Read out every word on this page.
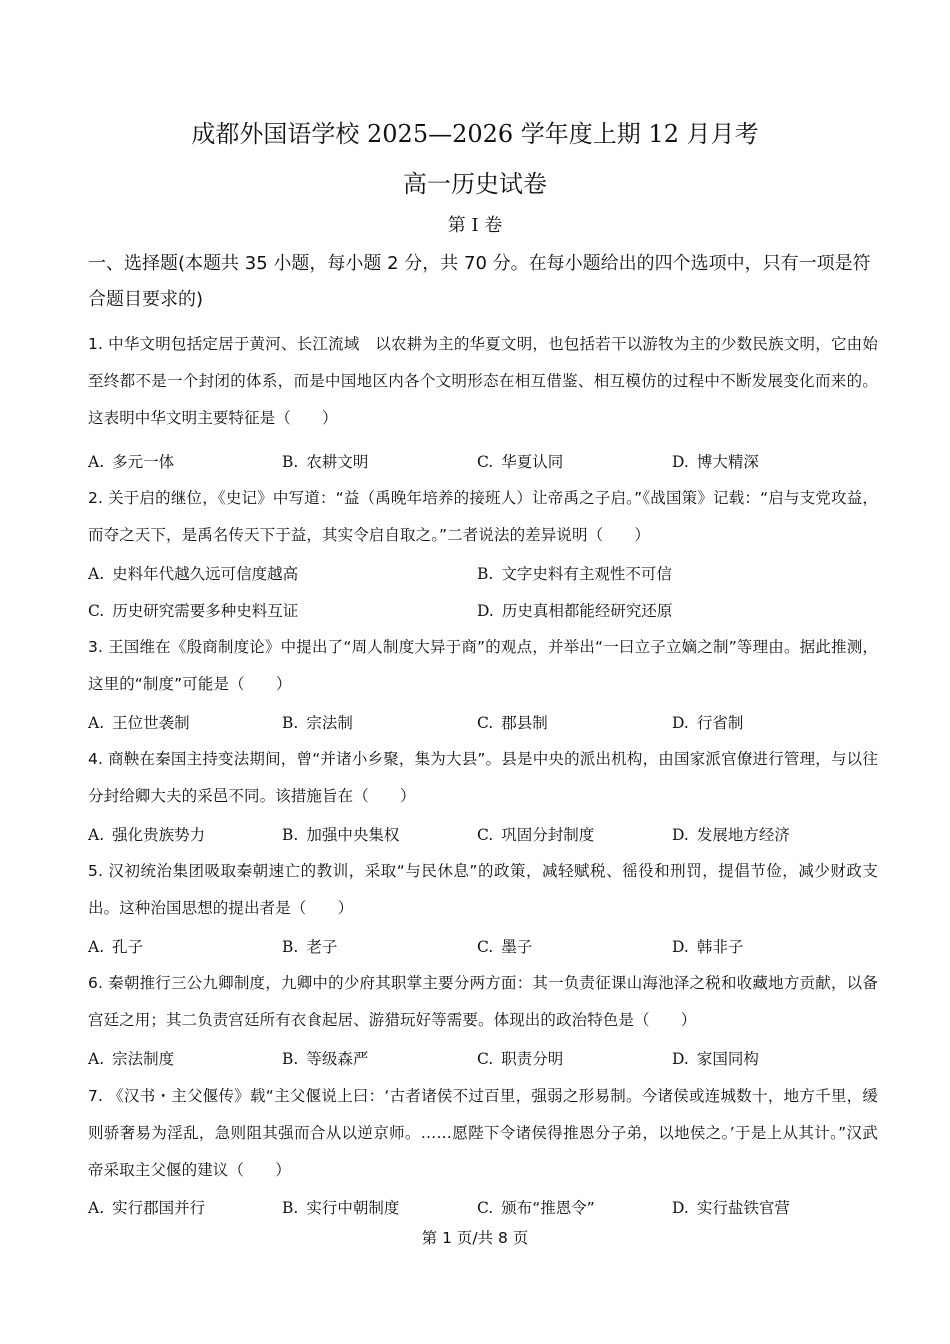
成都外国语学校 2025—2026 学年度上期 12 月月考
高一历史试卷
第 I 卷
一、选择题(本题共 35 小题，每小题 2 分，共 70 分。在每小题给出的四个选项中，只有一项是符合题目要求的)
1. 中华文明包括定居于黄河、长江流域　以农耕为主的华夏文明，也包括若干以游牧为主的少数民族文明，它由始至终都不是一个封闭的体系，而是中国地区内各个文明形态在相互借鉴、相互模仿的过程中不断发展变化而来的。这表明中华文明主要特征是（　　）
A. 多元一体	B. 农耕文明	C. 华夏认同	D. 博大精深
2. 关于启的继位，《史记》中写道：“益（禹晚年培养的接班人）让帝禹之子启。”《战国策》记载：“启与支党攻益，而夺之天下，是禹名传天下于益，其实令启自取之。”二者说法的差异说明（　　）
A. 史料年代越久远可信度越高	B. 文字史料有主观性不可信
C. 历史研究需要多种史料互证	D. 历史真相都能经研究还原
3. 王国维在《殷商制度论》中提出了“周人制度大异于商”的观点，并举出“一曰立子立嫡之制”等理由。据此推测，这里的“制度”可能是（　　）
A. 王位世袭制	B. 宗法制	C. 郡县制	D. 行省制
4. 商鞅在秦国主持变法期间，曾“并诸小乡聚，集为大县”。县是中央的派出机构，由国家派官僚进行管理，与以往分封给卿大夫的采邑不同。该措施旨在（　　）
A. 强化贵族势力	B. 加强中央集权	C. 巩固分封制度	D. 发展地方经济
5. 汉初统治集团吸取秦朝速亡的教训，采取“与民休息”的政策，减轻赋税、徭役和刑罚，提倡节俭，减少财政支出。这种治国思想的提出者是（　　）
A. 孔子	B. 老子	C. 墨子	D. 韩非子
6. 秦朝推行三公九卿制度，九卿中的少府其职掌主要分两方面：其一负责征课山海池泽之税和收藏地方贡献，以备宫廷之用；其二负责宫廷所有衣食起居、游猎玩好等需要。体现出的政治特色是（　　）
A. 宗法制度	B. 等级森严	C. 职责分明	D. 家国同构
7. 《汉书・主父偃传》载“主父偃说上曰：‘古者诸侯不过百里，强弱之形易制。今诸侯或连城数十，地方千里，缓则骄奢易为淫乱，急则阻其强而合从以逆京师。……愿陛下令诸侯得推恩分子弟，以地侯之。’于是上从其计。”汉武帝采取主父偃的建议（　　）
A. 实行郡国并行	B. 实行中朝制度	C. 颁布“推恩令”	D. 实行盐铁官营
第 1 页/共 8 页
